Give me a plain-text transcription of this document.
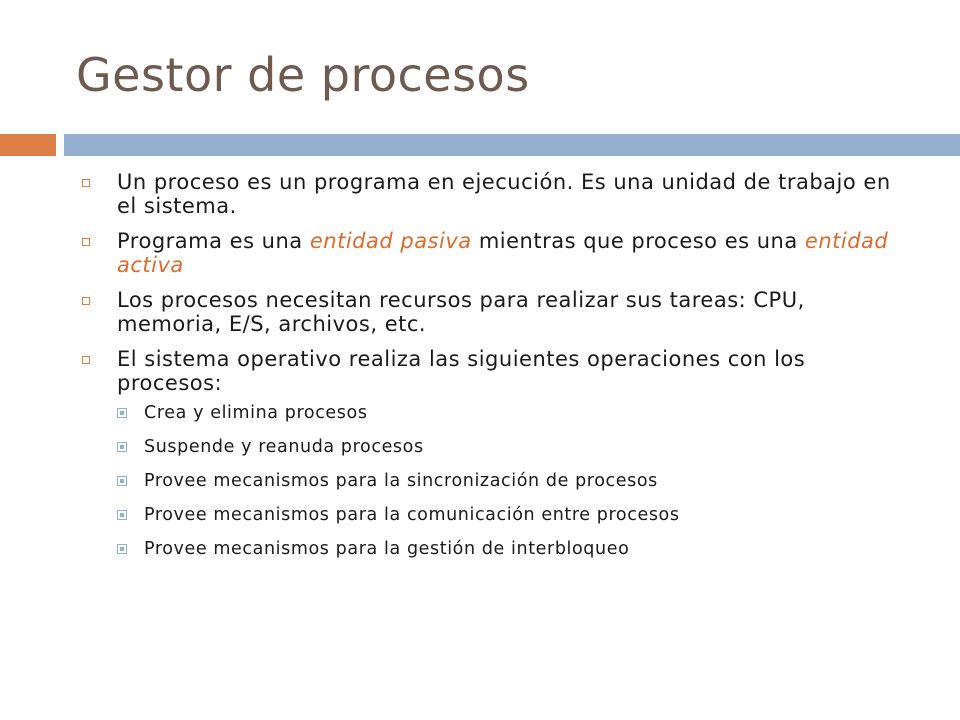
Gestor de procesos
Un proceso es un programa en ejecución. Es una unidad de trabajo en el sistema.
Programa es una entidad pasiva mientras que proceso es una entidad activa
Los procesos necesitan recursos para realizar sus tareas: CPU, memoria, E/S, archivos, etc.
El sistema operativo realiza las siguientes operaciones con los procesos:
Crea y elimina procesos
Suspende y reanuda procesos
Provee mecanismos para la sincronización de procesos
Provee mecanismos para la comunicación entre procesos
Provee mecanismos para la gestión de interbloqueo
